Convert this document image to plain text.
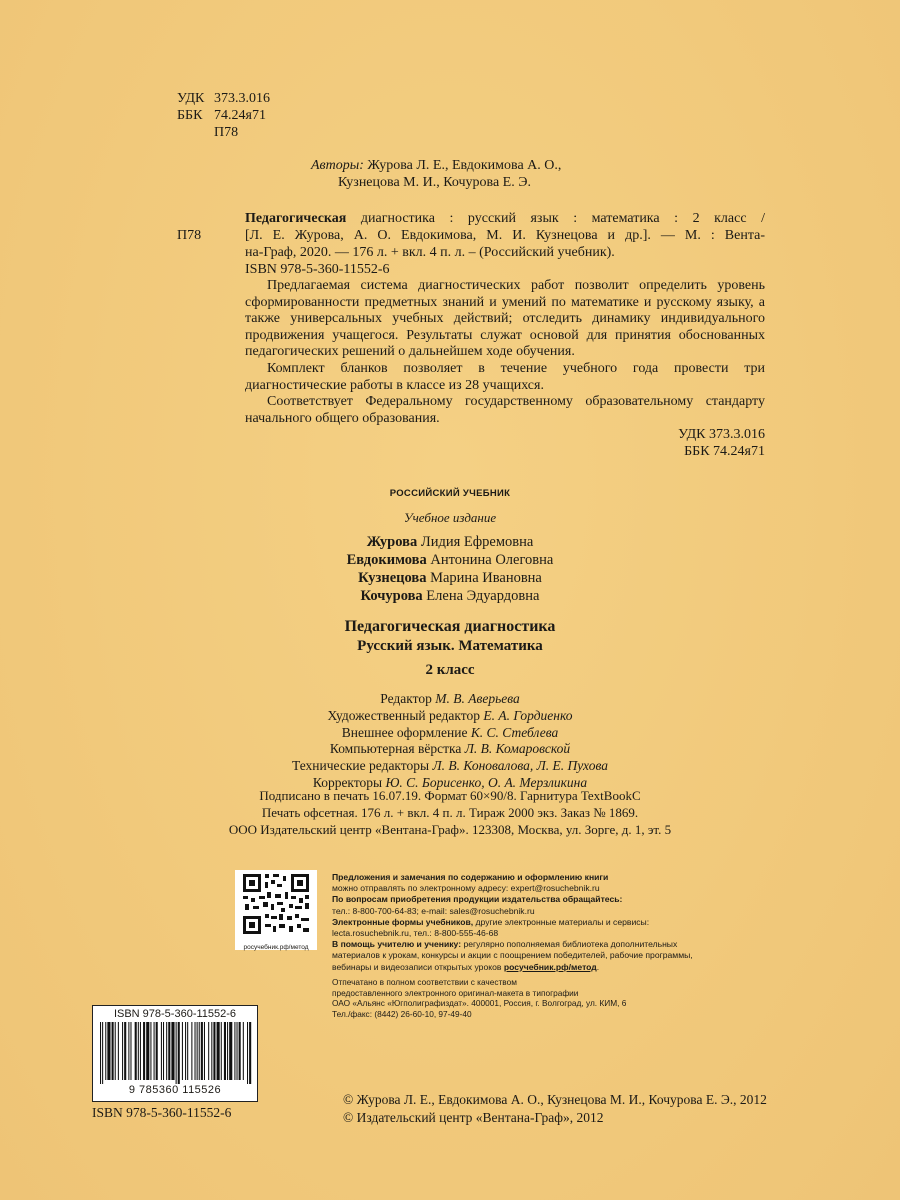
УДК 373.3.016
ББК 74.24я71
П78
Авторы: Журова Л. Е., Евдокимова А. О.,
Кузнецова М. И., Кочурова Е. Э.
П78
Педагогическая диагностика : русский язык : математика : 2 класс /
[Л. Е. Журова, А. О. Евдокимова, М. И. Кузнецова и др.]. — М. : Вента-
на-Граф, 2020. — 176 л. + вкл. 4 п. л. – (Российский учебник).
ISBN 978-5-360-11552-6

Предлагаемая система диагностических работ позволит определить уровень сформированности предметных знаний и умений по математике и русскому языку, а также универсальных учебных действий; отследить динамику индивидуального продвижения учащегося. Результаты служат основой для принятия обоснованных педагогических решений о дальнейшем ходе обучения.

Комплект бланков позволяет в течение учебного года провести три диагностические работы в классе из 28 учащихся.

Соответствует Федеральному государственному образовательному стандарту начального общего образования.

УДК 373.3.016
ББК 74.24я71
РОССИЙСКИЙ УЧЕБНИК
Учебное издание
Журова Лидия Ефремовна
Евдокимова Антонина Олеговна
Кузнецова Марина Ивановна
Кочурова Елена Эдуардовна
Педагогическая диагностика
Русский язык. Математика
2 класс
Редактор М. В. Аверьева
Художественный редактор Е. А. Гордиенко
Внешнее оформление К. С. Стеблева
Компьютерная вёрстка Л. В. Комаровской
Технические редакторы Л. В. Коновалова, Л. Е. Пухова
Корректоры Ю. С. Борисенко, О. А. Мерзликина
Подписано в печать 16.07.19. Формат 60×90/8. Гарнитура TextBookC
Печать офсетная. 176 л. + вкл. 4 п. л. Тираж 2000 экз. Заказ № 1869.
ООО Издательский центр «Вентана-Граф». 123308, Москва, ул. Зорге, д. 1, эт. 5
росучебник.рф/метод
Предложения и замечания по содержанию и оформлению книги
можно отправлять по электронному адресу: expert@rosuchebnik.ru
По вопросам приобретения продукции издательства обращайтесь:
тел.: 8-800-700-64-83; e-mail: sales@rosuchebnik.ru
Электронные формы учебников, другие электронные материалы и сервисы:
lecta.rosuchebnik.ru, тел.: 8-800-555-46-68
В помощь учителю и ученику: регулярно пополняемая библиотека дополнительных
материалов к урокам, конкурсы и акции с поощрением победителей, рабочие программы,
вебинары и видеозаписи открытых уроков росучебник.рф/метод.
Отпечатано в полном соответствии с качеством
предоставленного электронного оригинал-макета в типографии
ОАО «Альянс «Югполиграфиздат». 400001, Россия, г. Волгоград, ул. КИМ, 6
Тел./факс: (8442) 26-60-10, 97-49-40
ISBN 978-5-360-11552-6
9 785360 115526
ISBN 978-5-360-11552-6
© Журова Л. Е., Евдокимова А. О., Кузнецова М. И., Кочурова Е. Э., 2012
© Издательский центр «Вентана-Граф», 2012
